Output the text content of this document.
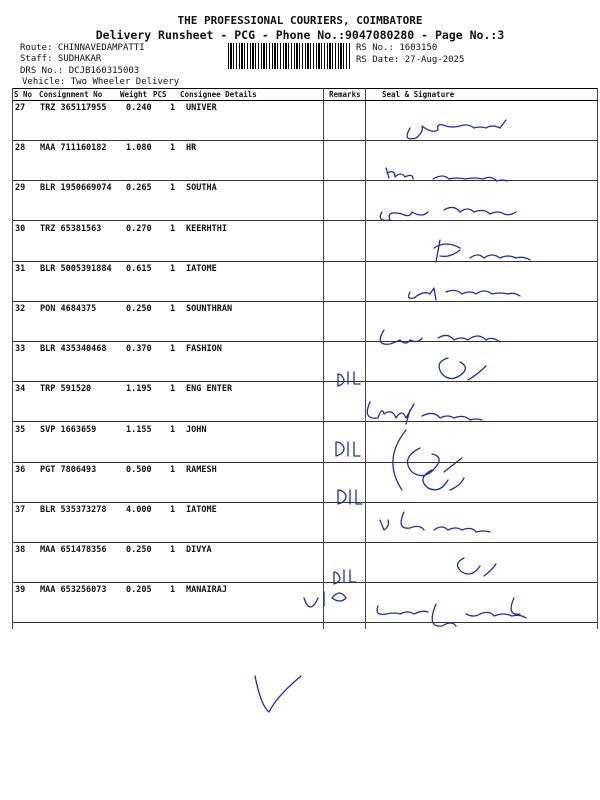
THE PROFESSIONAL COURIERS, COIMBATORE
Delivery Runsheet - PCG - Phone No.:9047080280 - Page No.:3
Route: CHINNAVEDAMPATTI
Staff: SUDHAKAR
DRS No.: DCJB160315003
Vehicle: Two Wheeler Delivery
RS No.: 1603150
RS Date: 27-Aug-2025
S No Consignment No Weight PCS Consignee Details	Remarks	Seal & Signature
27 TRZ 365117955 0.240 1 UNIVER
28 MAA 711160182 1.080 1 HR
29 BLR 1950669074 0.265 1 SOUTHA
30 TRZ 65381563	0.270 1 KEERHTHI
31 BLR 5005391884 0.615 1 IATOME
32 PON 4684375	0.250 1 SOUNTHRAN
33 BLR 435340468 0.370 1 FASHION
34 TRP 591520	1.195 1 ENG ENTER
35 SVP 1663659	1.155 1 JOHN
36 PGT 7806493	0.500 1 RAMESH
37 BLR 535373278 4.000 1 IATOME
38 MAA 651478356 0.250 1 DIVYA
39 MAA 653256073 0.205 1 MANAIRAJ
